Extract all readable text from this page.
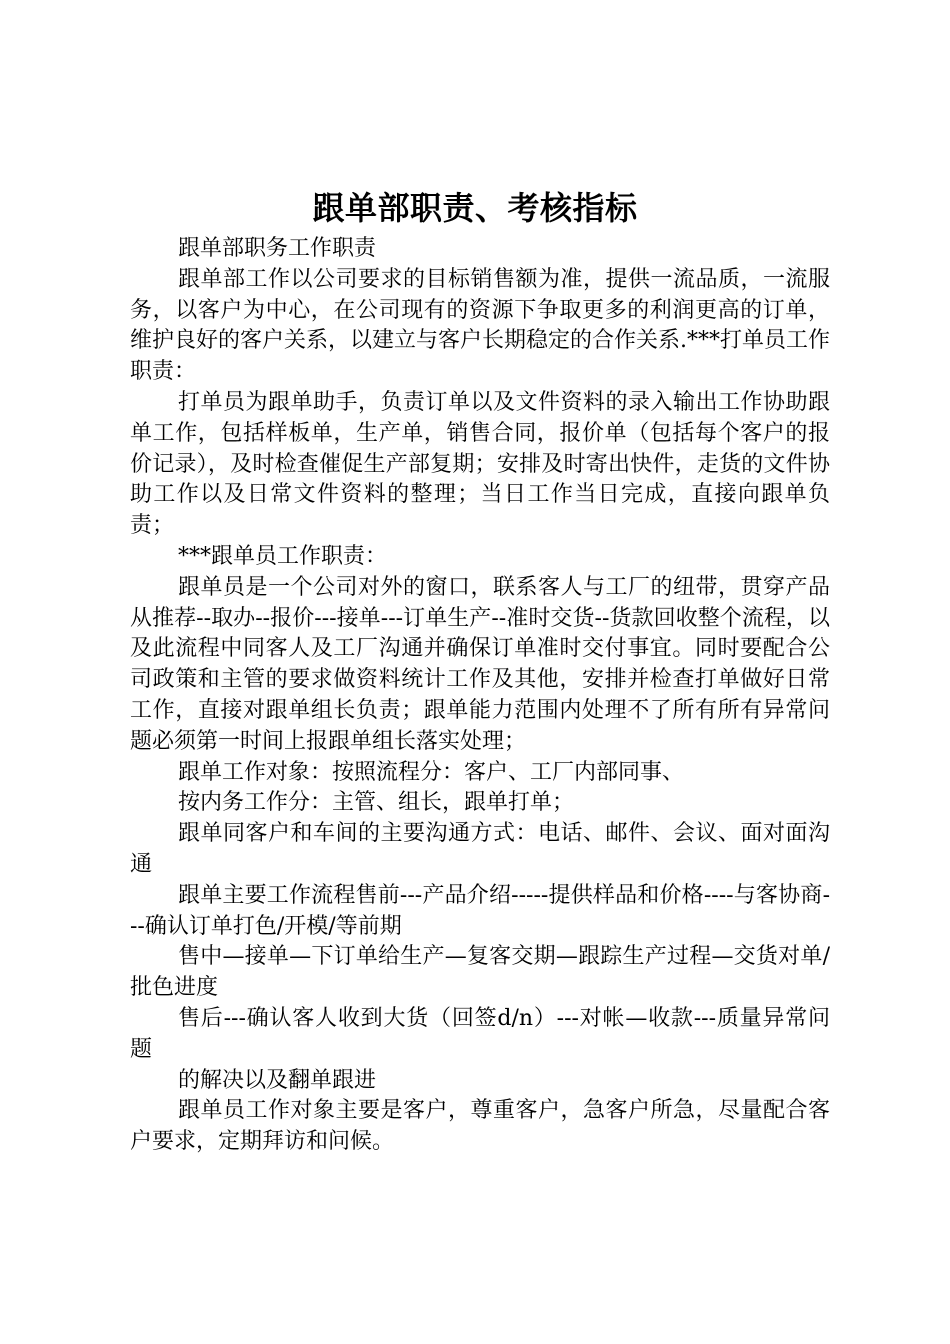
跟单部职责、考核指标

跟单部职务工作职责

跟单部工作以公司要求的目标销售额为准，提供一流品质，一流服务，以客户为中心，在公司现有的资源下争取更多的利润更高的订单，维护良好的客户关系，以建立与客户长期稳定的合作关系.***打单员工作职责：

打单员为跟单助手，负责订单以及文件资料的录入输出工作协助跟单工作，包括样板单，生产单，销售合同，报价单（包括每个客户的报价记录），及时检查催促生产部复期；安排及时寄出快件，走货的文件协助工作以及日常文件资料的整理；当日工作当日完成，直接向跟单负责；

***跟单员工作职责：

跟单员是一个公司对外的窗口，联系客人与工厂的纽带，贯穿产品从推荐--取办--报价---接单---订单生产--准时交货--货款回收整个流程，以及此流程中同客人及工厂沟通并确保订单准时交付事宜。同时要配合公司政策和主管的要求做资料统计工作及其他，安排并检查打单做好日常工作，直接对跟单组长负责；跟单能力范围内处理不了所有所有异常问题必须第一时间上报跟单组长落实处理；

跟单工作对象：按照流程分：客户、工厂内部同事、

按内务工作分：主管、组长，跟单打单；

跟单同客户和车间的主要沟通方式：电话、邮件、会议、面对面沟通

跟单主要工作流程售前---产品介绍-----提供样品和价格----与客协商---确认订单打色/开模/等前期

售中—接单—下订单给生产—复客交期—跟踪生产过程—交货对单/批色进度

售后---确认客人收到大货（回签d/n）---对帐—收款---质量异常问题

的解决以及翻单跟进

跟单员工作对象主要是客户，尊重客户，急客户所急，尽量配合客户要求，定期拜访和问候。
